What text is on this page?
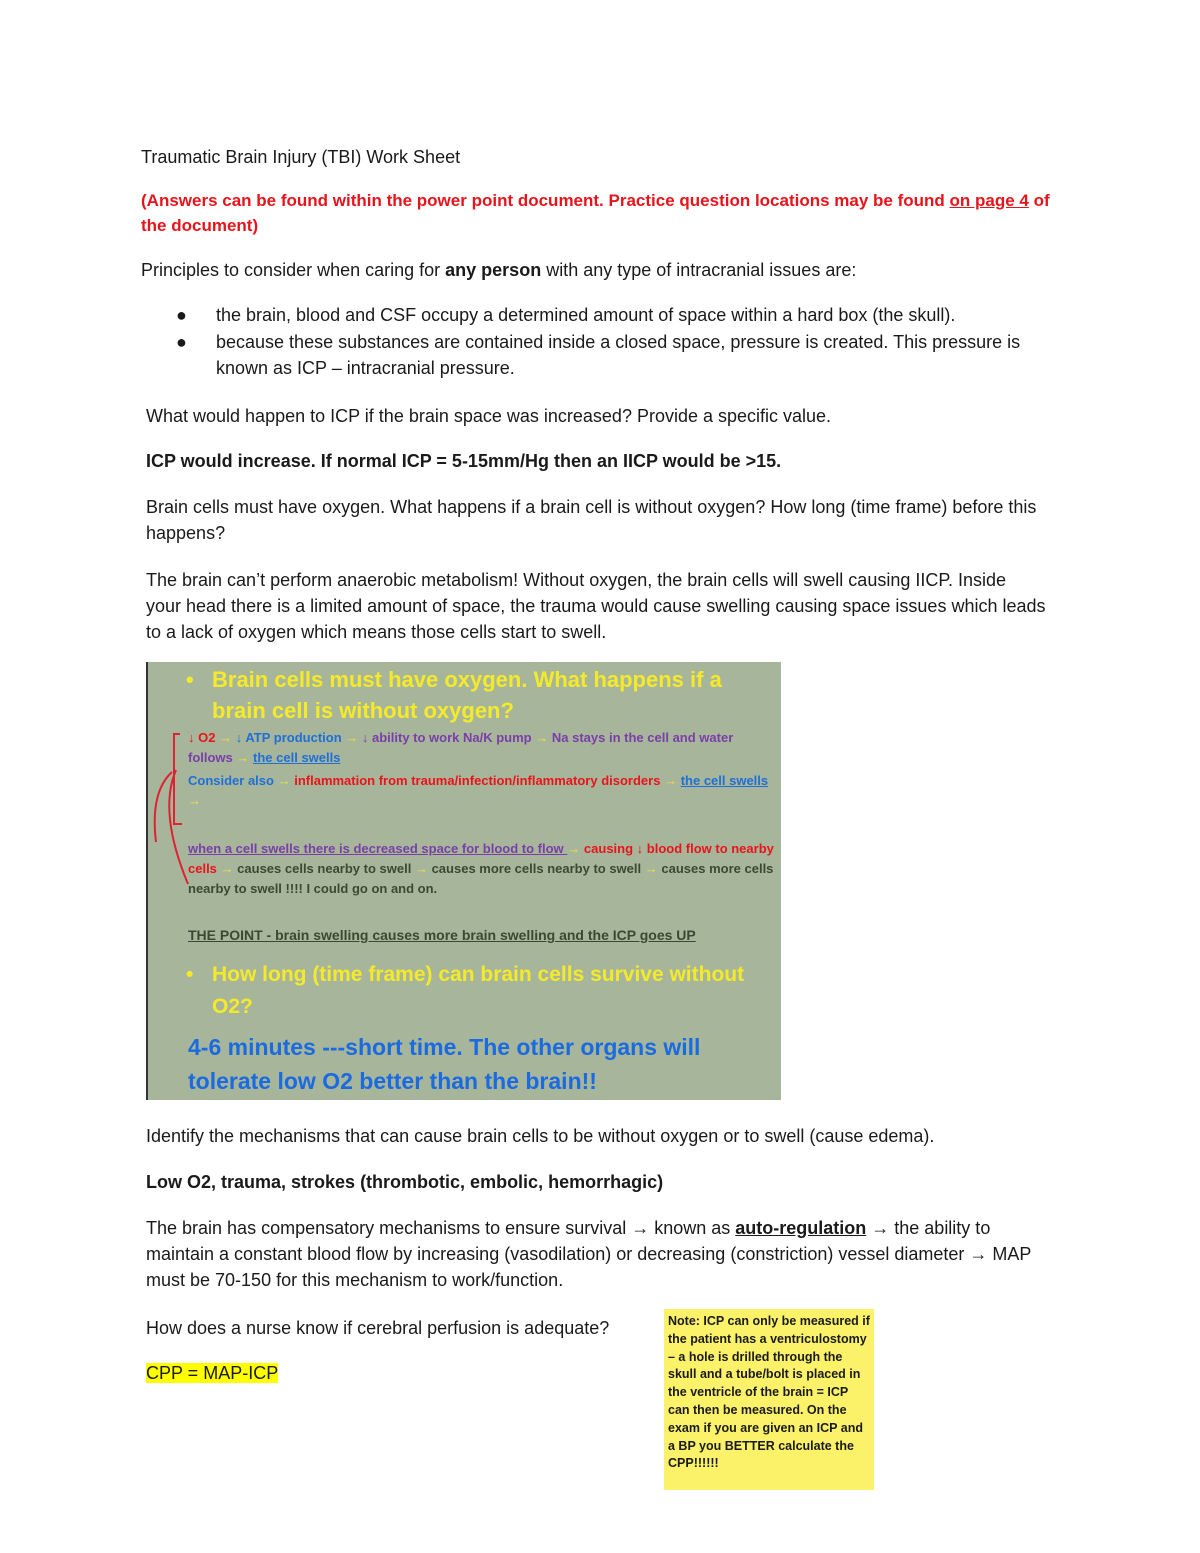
Traumatic Brain Injury (TBI) Work Sheet
(Answers can be found within the power point document. Practice question locations may be found on page 4 of the document)
Principles to consider when caring for any person with any type of intracranial issues are:
● the brain, blood and CSF occupy a determined amount of space within a hard box (the skull).
● because these substances are contained inside a closed space, pressure is created. This pressure is known as ICP – intracranial pressure.
What would happen to ICP if the brain space was increased? Provide a specific value.
ICP would increase. If normal ICP = 5-15mm/Hg then an IICP would be >15.
Brain cells must have oxygen. What happens if a brain cell is without oxygen? How long (time frame) before this happens?
The brain can’t perform anaerobic metabolism! Without oxygen, the brain cells will swell causing IICP. Inside your head there is a limited amount of space, the trauma would cause swelling causing space issues which leads to a lack of oxygen which means those cells start to swell.
• Brain cells must have oxygen. What happens if a brain cell is without oxygen?
↓ O2 → ↓ ATP production → ↓ ability to work Na/K pump → Na stays in the cell and water follows → the cell swells
Consider also → inflammation from trauma/infection/inflammatory disorders → the cell swells →
when a cell swells there is decreased space for blood to flow → causing ↓ blood flow to nearby cells → causes cells nearby to swell → causes more cells nearby to swell → causes more cells nearby to swell !!!! I could go on and on.
THE POINT - brain swelling causes more brain swelling and the ICP goes UP
• How long (time frame) can brain cells survive without O2?
4-6 minutes ---short time. The other organs will tolerate low O2 better than the brain!!
Identify the mechanisms that can cause brain cells to be without oxygen or to swell (cause edema).
Low O2, trauma, strokes (thrombotic, embolic, hemorrhagic)
The brain has compensatory mechanisms to ensure survival → known as auto-regulation → the ability to maintain a constant blood flow by increasing (vasodilation) or decreasing (constriction) vessel diameter → MAP must be 70-150 for this mechanism to work/function.
How does a nurse know if cerebral perfusion is adequate?
CPP = MAP-ICP
Note: ICP can only be measured if the patient has a ventriculostomy – a hole is drilled through the skull and a tube/bolt is placed in the ventricle of the brain = ICP can then be measured. On the exam if you are given an ICP and a BP you BETTER calculate the CPP!!!!!!
